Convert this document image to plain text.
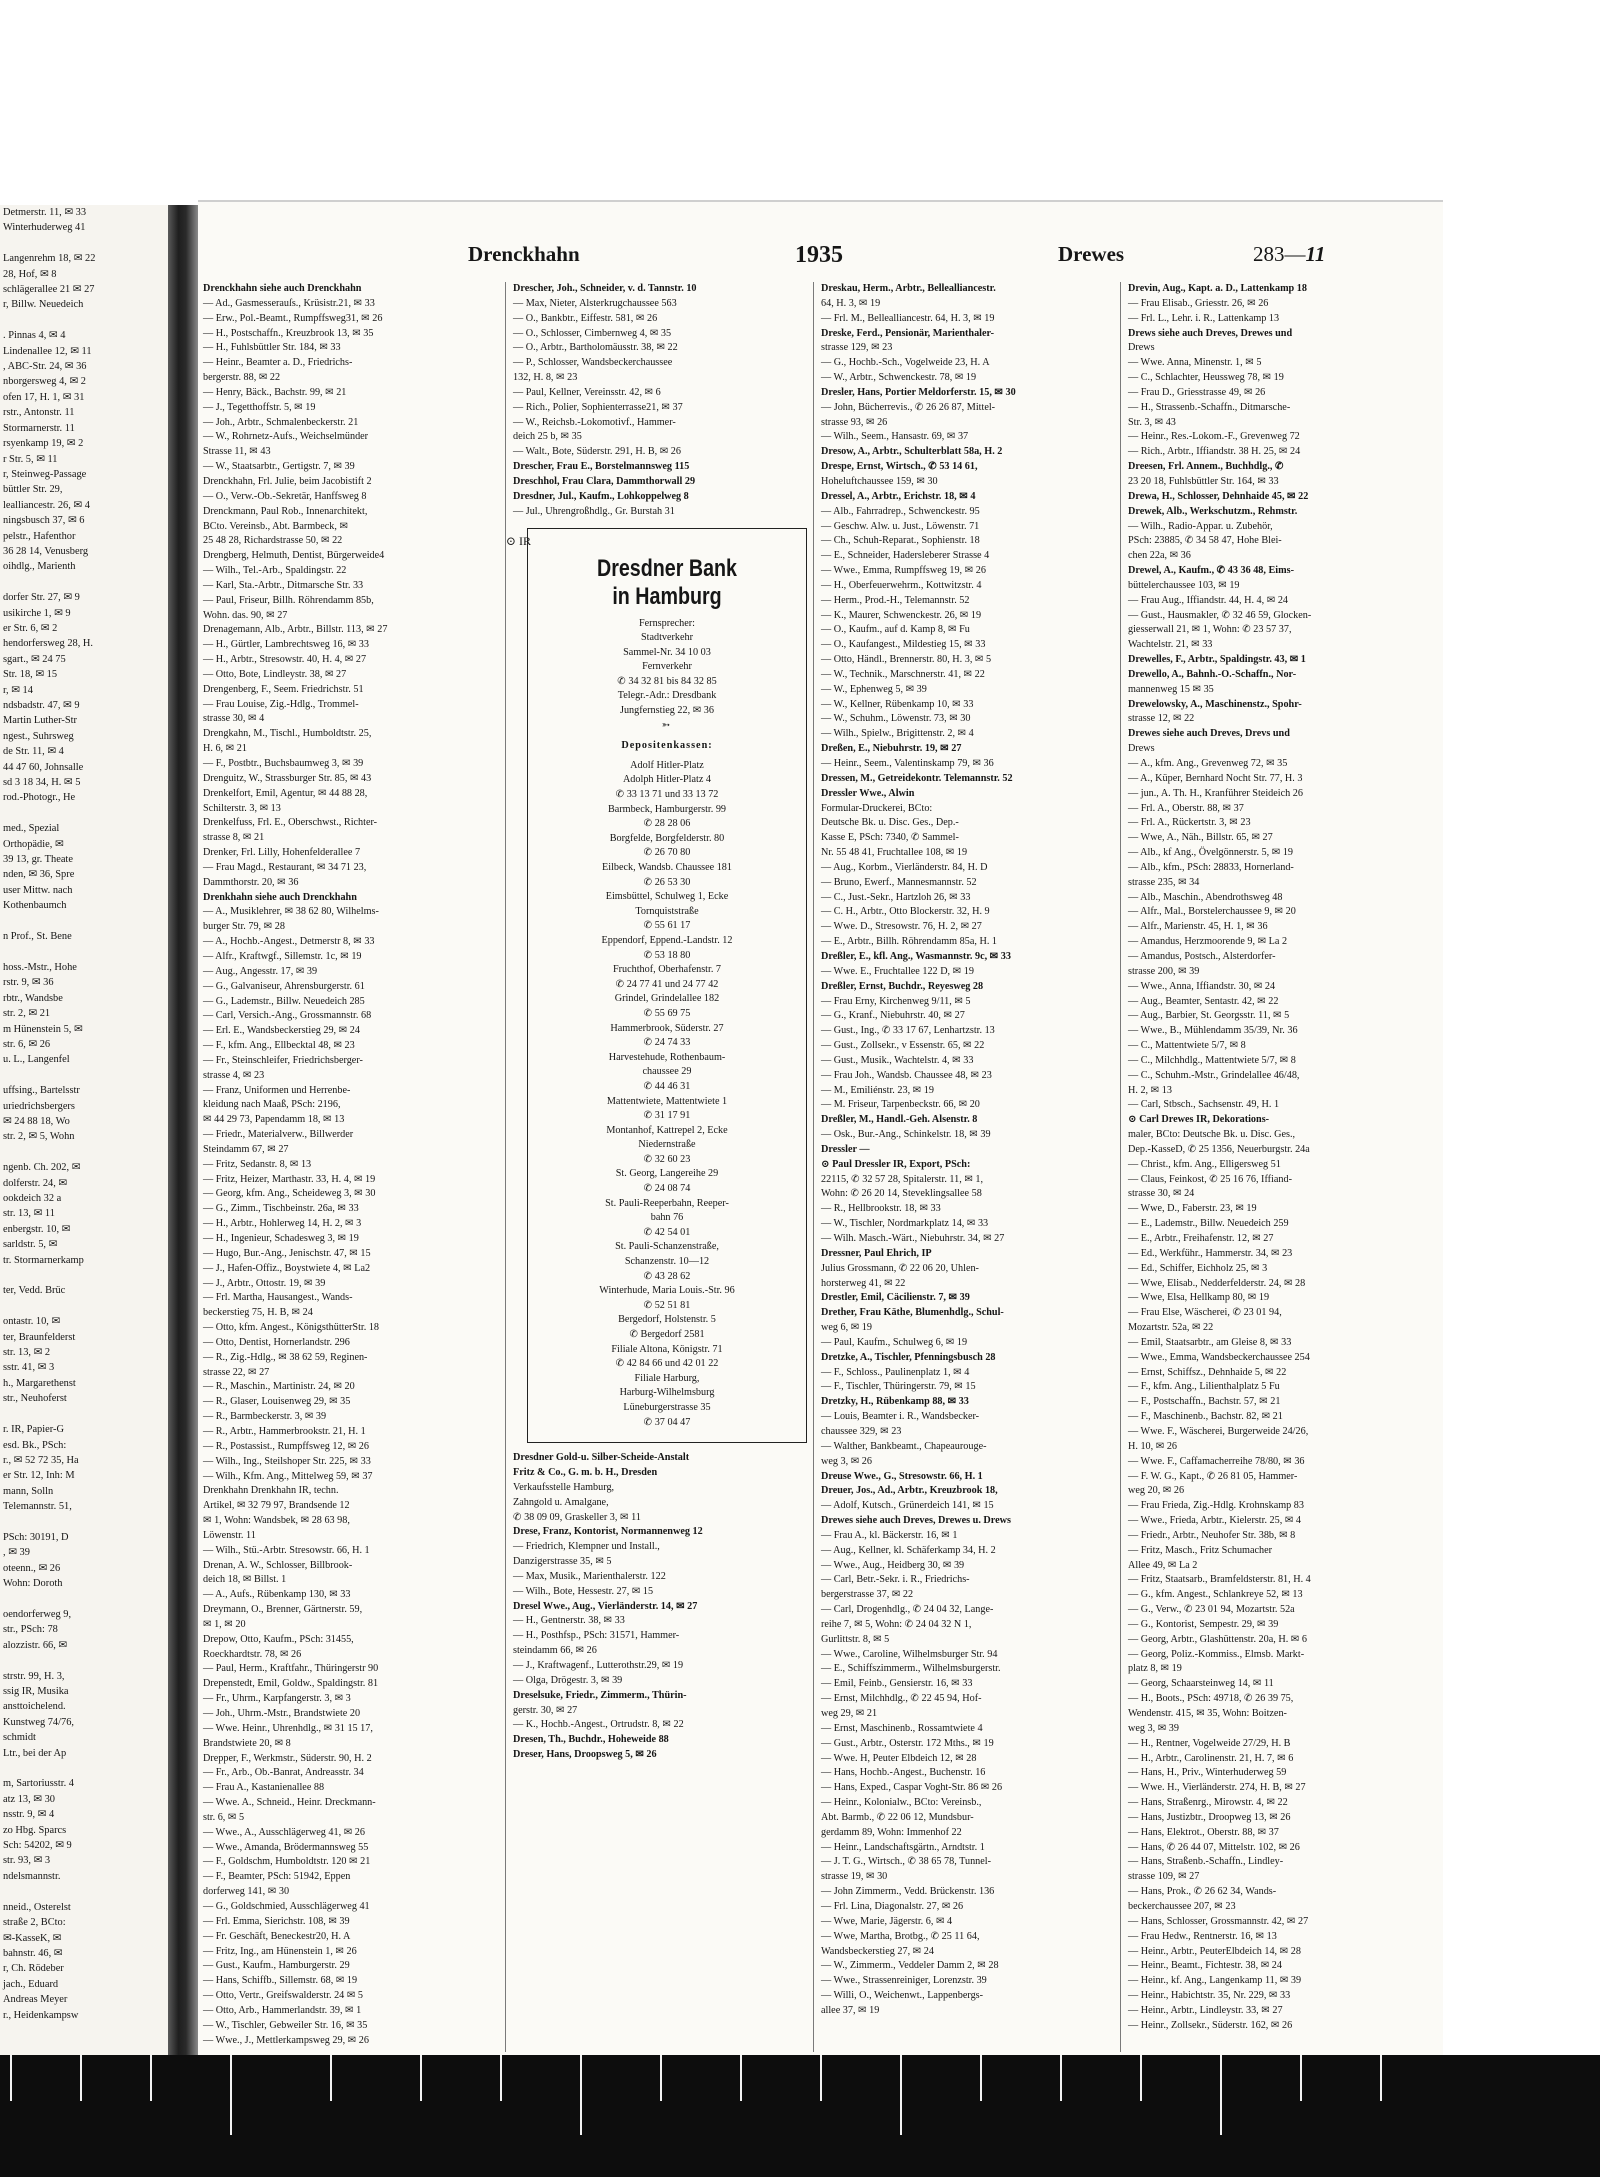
Detmerstr. 11, ✉ 33
Winterhuderweg 41

Langenrehm 18, ✉ 22
28, Hof, ✉ 8
schlägerallee 21 ✉ 27
r, Billw. Neuedeich

. Pinnas 4, ✉ 4
Lindenallee 12, ✉ 11
, ABC-Str. 24, ✉ 36
nborgersweg 4, ✉ 2
ofen 17, H. 1, ✉ 31
rstr., Antonstr. 11
Stormarnerstr. 11
rsyenkamp 19, ✉ 2
r Str. 5, ✉ 11
r, Steinweg-Passage
büttler Str. 29,
lealliancestr. 26, ✉ 4
ningsbusch 37, ✉ 6
pelstr., Hafenthor
36 28 14, Venusberg
oihdlg., Marienth

dorfer Str. 27, ✉ 9
usikirche 1, ✉ 9
er Str. 6, ✉ 2
hendorfersweg 28, H.
sgart., ✉ 24 75
Str. 18, ✉ 15
r, ✉ 14
ndsbadstr. 47, ✉ 9
Martin Luther-Str
ngest., Suhrsweg
de Str. 11, ✉ 4
44 47 60, Johnsalle
sd 3 18 34, H. ✉ 5
rod.-Photogr., He

med., Spezial
Orthopädie, ✉
39 13, gr. Theate
nden, ✉ 36, Spre
user Mittw. nach
Kothenbaumch

n Prof., St. Bene

hoss.-Mstr., Hohe
rstr. 9, ✉ 36
rbtr., Wandsbe
str. 2, ✉ 21
m Hünenstein 5, ✉
str. 6, ✉ 26
u. L., Langenfel

uffsing., Bartelsstr
uriedrichsbergers
✉ 24 88 18, Wo
str. 2, ✉ 5, Wohn

ngenb. Ch. 202, ✉
dolferstr. 24, ✉
ookdeich 32 a
str. 13, ✉ 11
enbergstr. 10, ✉
sarldstr. 5, ✉
tr. Stormarnerkamp

ter, Vedd. Brüc

ontastr. 10, ✉
ter, Braunfelderst
str. 13, ✉ 2
sstr. 41, ✉ 3
h., Margarethenst
str., Neuhoferst

r. IR, Papier-G
esd. Bk., PSch:
r., ✉ 52 72 35, Ha
er Str. 12, Inh: M
mann, Solln
Telemannstr. 51,

PSch: 30191, D
, ✉ 39
oteenn., ✉ 26
Wohn: Doroth

oendorferweg 9,
str., PSch: 78
alozzistr. 66, ✉

strstr. 99, H. 3,
ssig IR, Musika
ansttoichelend.
Kunstweg 74/76,
schmidt
Ltr., bei der Ap

m, Sartoriusstr. 4
atz 13, ✉ 30
nsstr. 9, ✉ 4
zo Hbg. Sparcs
Sch: 54202, ✉ 9
str. 93, ✉ 3
ndelsmannstr.

nneid., Osterelst
straße 2, BCto:
✉-KasseK, ✉
bahnstr. 46, ✉
r, Ch. Rödeber
jach., Eduard
Andreas Meyer
r., Heidenkampsw
Drenckhahn	1935	Drewes	283—11
Drenckhahn siehe auch Drenckhahn
— Ad., Gasmesserauſs., Krüsistr.21, ✉ 33
— Erw., Pol.-Beamt., Rumpffsweg31, ✉ 26
— H., Postschaffn., Kreuzbrook 13, ✉ 35
— H., Fuhlsbüttler Str. 184, ✉ 33
— Heinr., Beamter a. D., Friedrichs-
bergerstr. 88, ✉ 22
— Henry, Bäck., Bachstr. 99, ✉ 21
— J., Tegetthoffstr. 5, ✉ 19
— Joh., Arbtr., Schmalenbeckerstr. 21
— W., Rohrnetz-Aufs., Weichselmünder
Strasse 11, ✉ 43
— W., Staatsarbtr., Gertigstr. 7, ✉ 39
Drenckhahn, Frl. Julie, beim Jacobistift 2
— O., Verw.-Ob.-Sekretär, Hanffsweg 8
Drenckmann, Paul Rob., Innenarchitekt,
BCto. Vereinsb., Abt. Barmbeck, ✉
25 48 28, Richardstrasse 50, ✉ 22
Drengberg, Helmuth, Dentist, Bürgerweide4
— Wilh., Tel.-Arb., Spaldingstr. 22
— Karl, Sta.-Arbtr., Ditmarsche Str. 33
— Paul, Friseur, Billh. Röhrendamm 85b,
Wohn. das. 90, ✉ 27
Drenagemann, Alb., Arbtr., Billstr. 113, ✉ 27
— H., Gürtler, Lambrechtsweg 16, ✉ 33
— H., Arbtr., Stresowstr. 40, H. 4, ✉ 27
— Otto, Bote, Lindleystr. 38, ✉ 27
Drengenberg, F., Seem. Friedrichstr. 51
— Frau Louise, Zig.-Hdlg., Trommel-
strasse 30, ✉ 4
Drengkahn, M., Tischl., Humboldtstr. 25,
H. 6, ✉ 21
— F., Postbtr., Buchsbaumweg 3, ✉ 39
Drenguitz, W., Strassburger Str. 85, ✉ 43
Drenkelfort, Emil, Agentur, ✉ 44 88 28,
Schilterstr. 3, ✉ 13
Drenkelfuss, Frl. E., Oberschwst., Richter-
strasse 8, ✉ 21
Drenker, Frl. Lilly, Hohenfelderallee 7
— Frau Magd., Restaurant, ✉ 34 71 23,
Dammthorstr. 20, ✉ 36
Drenkhahn siehe auch Drenckhahn
— A., Musiklehrer, ✉ 38 62 80, Wilhelms-
burger Str. 79, ✉ 28
— A., Hochb.-Angest., Detmerstr 8, ✉ 33
— Alfr., Kraftwgf., Sillemstr. 1c, ✉ 19
— Aug., Angesstr. 17, ✉ 39
— G., Galvaniseur, Ahrensburgerstr. 61
— G., Lademstr., Billw. Neuedeich 285
— Carl, Versich.-Ang., Grossmannstr. 68
— Erl. E., Wandsbeckerstieg 29, ✉ 24
— F., kfm. Ang., Ellbecktal 48, ✉ 23
— Fr., Steinschleifer, Friedrichsberger-
strasse 4, ✉ 23
— Franz, Uniformen und Herrenbe-
kleidung nach Maaß, PSch: 2196,
✉ 44 29 73, Papendamm 18, ✉ 13
— Friedr., Materialverw., Billwerder
Steindamm 67, ✉ 27
— Fritz, Sedanstr. 8, ✉ 13
— Fritz, Heizer, Marthastr. 33, H. 4, ✉ 19
— Georg, kfm. Ang., Scheideweg 3, ✉ 30
— G., Zimm., Tischbeinstr. 26a, ✉ 33
— H., Arbtr., Hohlerweg 14, H. 2, ✉ 3
— H., Ingenieur, Schadesweg 3, ✉ 19
— Hugo, Bur.-Ang., Jenischstr. 47, ✉ 15
— J., Hafen-Offiz., Boystwiete 4, ✉ La2
— J., Arbtr., Ottostr. 19, ✉ 39
— Frl. Martha, Hausangest., Wands-
beckerstieg 75, H. B, ✉ 24
— Otto, kfm. Angest., KönigsthütterStr. 18
— Otto, Dentist, Hornerlandstr. 296
— R., Zig.-Hdlg., ✉ 38 62 59, Reginen-
strasse 22, ✉ 27
— R., Maschin., Martinistr. 24, ✉ 20
— R., Glaser, Louisenweg 29, ✉ 35
— R., Barmbeckerstr. 3, ✉ 39
— R., Arbtr., Hammerbrookstr. 21, H. 1
— R., Postassist., Rumpffsweg 12, ✉ 26
— Wilh., Ing., Steilshoper Str. 225, ✉ 33
— Wilh., Kfm. Ang., Mittelweg 59, ✉ 37
Drenkhahn Drenkhahn IR, techn.
Artikel, ✉ 32 79 97, Brandsende 12
✉ 1, Wohn: Wandsbek, ✉ 28 63 98,
Löwenstr. 11
— Wilh., Stü.-Arbtr. Stresowstr. 66, H. 1
Drenan, A. W., Schlosser, Billbrook-
deich 18, ✉ Billst. 1
— A., Aufs., Rübenkamp 130, ✉ 33
Dreymann, O., Brenner, Gärtnerstr. 59,
✉ 1, ✉ 20
Drepow, Otto, Kaufm., PSch: 31455,
Roeckhardtstr. 78, ✉ 26
— Paul, Herm., Kraftfahr., Thüringerstr 90
Drepenstedt, Emil, Goldw., Spaldingstr. 81
— Fr., Uhrm., Karpfangerstr. 3, ✉ 3
— Joh., Uhrm.-Mstr., Brandstwiete 20
— Wwe. Heinr., Uhrenhdlg., ✉ 31 15 17,
Brandstwiete 20, ✉ 8
Drepper, F., Werkmstr., Süderstr. 90, H. 2
— Fr., Arb., Ob.-Banrat, Andreasstr. 34
— Frau A., Kastanienallee 88
— Wwe. A., Schneid., Heinr. Dreckmann-
str. 6, ✉ 5
— Wwe., A., Ausschlägerweg 41, ✉ 26
— Wwe., Amanda, Brödermannsweg 55
— F., Goldschm, Humboldtstr. 120 ✉ 21
— F., Beamter, PSch: 51942, Eppen
dorferweg 141, ✉ 30
— G., Goldschmied, Ausschlägerweg 41
— Frl. Emma, Sierichstr. 108, ✉ 39
— Fr. Geschäft, Beneckestr20, H. A
— Fritz, Ing., am Hünenstein 1, ✉ 26
— Gust., Kaufm., Hamburgerstr. 29
— Hans, Schiffb., Sillemstr. 68, ✉ 19
— Otto, Vertr., Greifswalderstr. 24 ✉ 5
— Otto, Arb., Hammerlandstr. 39, ✉ 1
— W., Tischler, Gebweiler Str. 16, ✉ 35
— Wwe., J., Mettlerkampsweg 29, ✉ 26
Drescher, Joh., Schneider, v. d. Tannstr. 10
— Max, Nieter, Alsterkrugchaussee 563
— O., Bankbtr., Eiffestr. 581, ✉ 26
— O., Schlosser, Cimbernweg 4, ✉ 35
— O., Arbtr., Bartholomäusstr. 38, ✉ 22
— P., Schlosser, Wandsbeckerchaussee
132, H. 8, ✉ 23
— Paul, Kellner, Vereinsstr. 42, ✉ 6
— Rich., Polier, Sophienterrasse21, ✉ 37
— W., Reichsb.-Lokomotivf., Hammer-
deich 25 b, ✉ 35
— Walt., Bote, Süderstr. 291, H. B, ✉ 26
Drescher, Frau E., Borstelmannsweg 115
Dreschhol, Frau Clara, Dammthorwall 29
Dresdner, Jul., Kaufm., Lohkoppelweg 8
— Jul., Uhrengroßhdlg., Gr. Burstah 31
⊙ IR
Dresdner Bank
in Hamburg
Fernsprecher:
Stadtverkehr
Sammel-Nr. 34 10 03
Fernverkehr
✆ 34 32 81 bis 84 32 85
Telegr.-Adr.: Dresdbank
Jungfernstieg 22, ✉ 36
➳
Depositenkassen:
Adolf Hitler-Platz
Adolph Hitler-Platz 4
✆ 33 13 71 und 33 13 72
Barmbeck, Hamburgerstr. 99
✆ 28 28 06
Borgfelde, Borgfelderstr. 80
✆ 26 70 80
Eilbeck, Wandsb. Chaussee 181
✆ 26 53 30
Eimsbüttel, Schulweg 1, Ecke
Tornquiststraße
✆ 55 61 17
Eppendorf, Eppend.-Landstr. 12
✆ 53 18 80
Fruchthof, Oberhafenstr. 7
✆ 24 77 41 und 24 77 42
Grindel, Grindelallee 182
✆ 55 69 75
Hammerbrook, Süderstr. 27
✆ 24 74 33
Harvestehude, Rothenbaum-
chaussee 29
✆ 44 46 31
Mattentwiete, Mattentwiete 1
✆ 31 17 91
Montanhof, Kattrepel 2, Ecke
Niedernstraße
✆ 32 60 23
St. Georg, Langereihe 29
✆ 24 08 74
St. Pauli-Reeperbahn, Reeper-
bahn 76
✆ 42 54 01
St. Pauli-Schanzenstraße,
Schanzenstr. 10—12
✆ 43 28 62
Winterhude, Maria Louis.-Str. 96
✆ 52 51 81
Bergedorf, Holstenstr. 5
✆ Bergedorf 2581
Filiale Altona, Königstr. 71
✆ 42 84 66 und 42 01 22
Filiale Harburg,
Harburg-Wilhelmsburg
Lüneburgerstrasse 35
✆ 37 04 47
Dresdner Gold-u. Silber-Scheide-Anstalt
Fritz & Co., G. m. b. H., Dresden
Verkaufsstelle Hamburg,
Zahngold u. Amalgane,
✆ 38 09 09, Graskeller 3, ✉ 11
Drese, Franz, Kontorist, Normannenweg 12
— Friedrich, Klempner und Install.,
Danzigerstrasse 35, ✉ 5
— Max, Musik., Marienthalerstr. 122
— Wilh., Bote, Hessestr. 27, ✉ 15
Dresel Wwe., Aug., Vierländerstr. 14, ✉ 27
— H., Gentnerstr. 38, ✉ 33
— H., Posthfsp., PSch: 31571, Hammer-
steindamm 66, ✉ 26
— J., Kraftwagenf., Lutterothstr.29, ✉ 19
— Olga, Drögestr. 3, ✉ 39
Dreselsuke, Friedr., Zimmerm., Thürin-
gerstr. 30, ✉ 27
— K., Hochb.-Angest., Ortrudstr. 8, ✉ 22
Dresen, Th., Buchdr., Hoheweide 88
Dreser, Hans, Droopsweg 5, ✉ 26
Dreskau, Herm., Arbtr., Bellealliancestr.
64, H. 3, ✉ 19
— Frl. M., Bellealliancestr. 64, H. 3, ✉ 19
Dreske, Ferd., Pensionär, Marienthaler-
strasse 129, ✉ 23
— G., Hochb.-Sch., Vogelweide 23, H. A
— W., Arbtr., Schwenckestr. 78, ✉ 19
Dresler, Hans, Portier Meldorferstr. 15, ✉ 30
— John, Bücherrevis., ✆ 26 26 87, Mittel-
strasse 93, ✉ 26
— Wilh., Seem., Hansastr. 69, ✉ 37
Dresow, A., Arbtr., Schulterblatt 58a, H. 2
Drespe, Ernst, Wirtsch., ✆ 53 14 61,
Hoheluftchaussee 159, ✉ 30
Dressel, A., Arbtr., Erichstr. 18, ✉ 4
— Alb., Fahrradrep., Schwenckestr. 95
— Geschw. Alw. u. Just., Löwenstr. 71
— Ch., Schuh-Reparat., Sophienstr. 18
— E., Schneider, Hadersleberer Strasse 4
— Wwe., Emma, Rumpffsweg 19, ✉ 26
— H., Oberfeuerwehrm., Kottwitzstr. 4
— Herm., Prod.-H., Telemannstr. 52
— K., Maurer, Schwenckestr. 26, ✉ 19
— O., Kaufm., auf d. Kamp 8, ✉ Fu
— O., Kaufangest., Mildestieg 15, ✉ 33
— Otto, Händl., Brennerstr. 80, H. 3, ✉ 5
— W., Technik., Marschnerstr. 41, ✉ 22
— W., Ephenweg 5, ✉ 39
— W., Kellner, Rübenkamp 10, ✉ 33
— W., Schuhm., Löwenstr. 73, ✉ 30
— Wilh., Spielw., Brigittenstr. 2, ✉ 4
Dreßen, E., Niebuhrstr. 19, ✉ 27
— Heinr., Seem., Valentinskamp 79, ✉ 36
Dressen, M., Getreidekontr. Telemannstr. 52
Dressler Wwe., Alwin
Formular-Druckerei, BCto:
Deutsche Bk. u. Disc. Ges., Dep.-
Kasse E, PSch: 7340, ✆ Sammel-
Nr. 55 48 41, Fruchtallee 108, ✉ 19
— Aug., Korbm., Vierländerstr. 84, H. D
— Bruno, Ewerf., Mannesmannstr. 52
— C., Just.-Sekr., Hartzloh 26, ✉ 33
— C. H., Arbtr., Otto Blockerstr. 32, H. 9
— Wwe. D., Stresowstr. 76, H. 2, ✉ 27
— E., Arbtr., Billh. Röhrendamm 85a, H. 1
Dreßler, E., kfl. Ang., Wasmannstr. 9c, ✉ 33
— Wwe. E., Fruchtallee 122 D, ✉ 19
Dreßler, Ernst, Buchdr., Reyesweg 28
— Frau Erny, Kirchenweg 9/11, ✉ 5
— G., Kranf., Niebuhrstr. 40, ✉ 27
— Gust., Ing., ✆ 33 17 67, Lenhartzstr. 13
— Gust., Zollsekr., v Essenstr. 65, ✉ 22
— Gust., Musik., Wachtelstr. 4, ✉ 33
— Frau Joh., Wandsb. Chaussee 48, ✉ 23
— M., Emiliénstr. 23, ✉ 19
— M. Friseur, Tarpenbeckstr. 66, ✉ 20
Dreßler, M., Handl.-Geh. Alsenstr. 8
— Osk., Bur.-Ang., Schinkelstr. 18, ✉ 39
Dressler —
⊙ Paul Dressler IR, Export, PSch:
22115, ✆ 32 57 28, Spitalerstr. 11, ✉ 1,
Wohn: ✆ 26 20 14, Steveklingsallee 58
— R., Hellbrookstr. 18, ✉ 33
— W., Tischler, Nordmarkplatz 14, ✉ 33
— Wilh. Masch.-Wärt., Niebuhrstr. 34, ✉ 27
Dressner, Paul Ehrich, IP
Julius Grossmann, ✆ 22 06 20, Uhlen-
horsterweg 41, ✉ 22
Drestler, Emil, Cäcilienstr. 7, ✉ 39
Drether, Frau Käthe, Blumenhdlg., Schul-
weg 6, ✉ 19
— Paul, Kaufm., Schulweg 6, ✉ 19
Dretzke, A., Tischler, Pfenningsbusch 28
— F., Schloss., Paulinenplatz 1, ✉ 4
— F., Tischler, Thüringerstr. 79, ✉ 15
Dretzky, H., Rübenkamp 88, ✉ 33
— Louis, Beamter i. R., Wandsbecker-
chaussee 329, ✉ 23
— Walther, Bankbeamt., Chapeaurouge-
weg 3, ✉ 26
Dreuse Wwe., G., Stresowstr. 66, H. 1
Dreuer, Jos., Ad., Arbtr., Kreuzbrook 18,
— Adolf, Kutsch., Grünerdeich 141, ✉ 15
Drewes siehe auch Dreves, Drewes u. Drews
— Frau A., kl. Bäckerstr. 16, ✉ 1
— Aug., Kellner, kl. Schäferkamp 34, H. 2
— Wwe., Aug., Heidberg 30, ✉ 39
— Carl, Betr.-Sekr. i. R., Friedrichs-
bergerstrasse 37, ✉ 22
— Carl, Drogenhdlg., ✆ 24 04 32, Lange-
reihe 7, ✉ 5, Wohn: ✆ 24 04 32 N 1,
Gurlittstr. 8, ✉ 5
— Wwe., Caroline, Wilhelmsburger Str. 94
— E., Schiffszimmerm., Wilhelmsburgerstr.
— Emil, Feinb., Gensierstr. 16, ✉ 33
— Ernst, Milchhdlg., ✆ 22 45 94, Hof-
weg 29, ✉ 21
— Ernst, Maschinenb., Rossamtwiete 4
— Gust., Arbtr., Osterstr. 172 Mths., ✉ 19
— Wwe. H, Peuter Elbdeich 12, ✉ 28
— Hans, Hochb.-Angest., Buchenstr. 16
— Hans, Exped., Caspar Voght-Str. 86 ✉ 26
— Heinr., Kolonialw., BCto: Vereinsb.,
Abt. Barmb., ✆ 22 06 12, Mundsbur-
gerdamm 89, Wohn: Immenhof 22
— Heinr., Landschaftsgärtn., Arndtstr. 1
— J. T. G., Wirtsch., ✆ 38 65 78, Tunnel-
strasse 19, ✉ 30
— John Zimmerm., Vedd. Brückenstr. 136
— Frl. Lina, Diagonalstr. 27, ✉ 26
— Wwe, Marie, Jägerstr. 6, ✉ 4
— Wwe, Martha, Brotbg., ✆ 25 11 64,
Wandsbeckerstieg 27, ✉ 24
— W., Zimmerm., Veddeler Damm 2, ✉ 28
— Wwe., Strassenreiniger, Lorenzstr. 39
— Willi, O., Weichenwt., Lappenbergs-
allee 37, ✉ 19
Drevin, Aug., Kapt. a. D., Lattenkamp 18
— Frau Elisab., Griesstr. 26, ✉ 26
— Frl. L., Lehr. i. R., Lattenkamp 13
Drews siehe auch Dreves, Drewes und
Drews
— Wwe. Anna, Minenstr. 1, ✉ 5
— C., Schlachter, Heussweg 78, ✉ 19
— Frau D., Griesstrasse 49, ✉ 26
— H., Strassenb.-Schaffn., Ditmarsche-
Str. 3, ✉ 43
— Heinr., Res.-Lokom.-F., Grevenweg 72
— Rich., Arbtr., Iffiandstr. 38 H. 25, ✉ 24
Dreesen, Frl. Annem., Buchhdlg., ✆
23 20 18, Fuhlsbüttler Str. 164, ✉ 33
Drewa, H., Schlosser, Dehnhaide 45, ✉ 22
Drewek, Alb., Werkschutzm., Rehmstr.
— Wilh., Radio-Appar. u. Zubehör,
PSch: 23885, ✆ 34 58 47, Hohe Blei-
chen 22a, ✉ 36
Drewel, A., Kaufm., ✆ 43 36 48, Eims-
büttelerchaussee 103, ✉ 19
— Frau Aug., Iffiandstr. 44, H. 4, ✉ 24
— Gust., Hausmakler, ✆ 32 46 59, Glocken-
giesserwall 21, ✉ 1, Wohn: ✆ 23 57 37,
Wachtelstr. 21, ✉ 33
Drewelles, F., Arbtr., Spaldingstr. 43, ✉ 1
Drewello, A., Bahnh.-O.-Schaffn., Nor-
mannenweg 15 ✉ 35
Drewelowsky, A., Maschinenstz., Spohr-
strasse 12, ✉ 22
Drewes siehe auch Dreves, Drevs und
Drews
— A., kfm. Ang., Grevenweg 72, ✉ 35
— A., Küper, Bernhard Nocht Str. 77, H. 3
— jun., A. Th. H., Kranführer Steideich 26
— Frl. A., Oberstr. 88, ✉ 37
— Frl. A., Rückertstr. 3, ✉ 23
— Wwe, A., Näh., Billstr. 65, ✉ 27
— Alb., kf Ang., Övelgönnerstr. 5, ✉ 19
— Alb., kfm., PSch: 28833, Hornerland-
strasse 235, ✉ 34
— Alb., Maschin., Abendrothsweg 48
— Alfr., Mal., Borstelerchaussee 9, ✉ 20
— Alfr., Marienstr. 45, H. 1, ✉ 36
— Amandus, Herzmoorende 9, ✉ La 2
— Amandus, Postsch., Alsterdorfer-
strasse 200, ✉ 39
— Wwe., Anna, Iffiandstr. 30, ✉ 24
— Aug., Beamter, Sentastr. 42, ✉ 22
— Aug., Barbier, St. Georgsstr. 11, ✉ 5
— Wwe., B., Mühlendamm 35/39, Nr. 36
— C., Mattentwiete 5/7, ✉ 8
— C., Milchhdlg., Mattentwiete 5/7, ✉ 8
— C., Schuhm.-Mstr., Grindelallee 46/48,
H. 2, ✉ 13
— Carl, Stbsch., Sachsenstr. 49, H. 1
⊙ Carl Drewes IR, Dekorations-
maler, BCto: Deutsche Bk. u. Disc. Ges.,
Dep.-KasseD, ✆ 25 1356, Neuerburgstr. 24a
— Christ., kfm. Ang., Elligersweg 51
— Claus, Feinkost, ✆ 25 16 76, Iffiand-
strasse 30, ✉ 24
— Wwe, D., Faberstr. 23, ✉ 19
— E., Lademstr., Billw. Neuedeich 259
— E., Arbtr., Freihafenstr. 12, ✉ 27
— Ed., Werkführ., Hammerstr. 34, ✉ 23
— Ed., Schiffer, Eichholz 25, ✉ 3
— Wwe, Elisab., Nedderfelderstr. 24, ✉ 28
— Wwe, Elsa, Hellkamp 80, ✉ 19
— Frau Else, Wäscherei, ✆ 23 01 94,
Mozartstr. 52a, ✉ 22
— Emil, Staatsarbtr., am Gleise 8, ✉ 33
— Wwe., Emma, Wandsbeckerchaussee 254
— Ernst, Schiffsz., Dehnhaide 5, ✉ 22
— F., kfm. Ang., Lilienthalplatz 5 Fu
— F., Postschaffn., Bachstr. 57, ✉ 21
— F., Maschinenb., Bachstr. 82, ✉ 21
— Wwe. F., Wäscherei, Burgerweide 24/26,
H. 10, ✉ 26
— Wwe. F., Caffamacherreihe 78/80, ✉ 36
— F. W. G., Kapt., ✆ 26 81 05, Hammer-
weg 20, ✉ 26
— Frau Frieda, Zig.-Hdlg. Krohnskamp 83
— Wwe., Frieda, Arbtr., Kielerstr. 25, ✉ 4
— Friedr., Arbtr., Neuhofer Str. 38b, ✉ 8
— Fritz, Masch., Fritz Schumacher
Allee 49, ✉ La 2
— Fritz, Staatsarb., Bramfeldsterstr. 81, H. 4
— G., kfm. Angest., Schlankreye 52, ✉ 13
— G., Verw., ✆ 23 01 94, Mozartstr. 52a
— G., Kontorist, Sempestr. 29, ✉ 39
— Georg, Arbtr., Glashüttenstr. 20a, H. ✉ 6
— Georg, Poliz.-Kommiss., Elmsb. Markt-
platz 8, ✉ 19
— Georg, Schaarsteinweg 14, ✉ 11
— H., Boots., PSch: 49718, ✆ 26 39 75,
Wendenstr. 415, ✉ 35, Wohn: Boitzen-
weg 3, ✉ 39
— H., Rentner, Vogelweide 27/29, H. B
— H., Arbtr., Carolinenstr. 21, H. 7, ✉ 6
— Hans, H., Priv., Winterhuderweg 59
— Wwe. H., Vierländerstr. 274, H. B, ✉ 27
— Hans, Straßenrg., Mirowstr. 4, ✉ 22
— Hans, Justizbtr., Droopweg 13, ✉ 26
— Hans, Elektrot., Oberstr. 88, ✉ 37
— Hans, ✆ 26 44 07, Mittelstr. 102, ✉ 26
— Hans, Straßenb.-Schaffn., Lindley-
strasse 109, ✉ 27
— Hans, Prok., ✆ 26 62 34, Wands-
beckerchaussee 207, ✉ 23
— Hans, Schlosser, Grossmannstr. 42, ✉ 27
— Frau Hedw., Rentnerstr. 16, ✉ 13
— Heinr., Arbtr., PeuterElbdeich 14, ✉ 28
— Heinr., Beamt., Fichtestr. 38, ✉ 24
— Heinr., kf. Ang., Langenkamp 11, ✉ 39
— Heinr., Habichtstr. 35, Nr. 229, ✉ 33
— Heinr., Arbtr., Lindleystr. 33, ✉ 27
— Heinr., Zollsekr., Süderstr. 162, ✉ 26
